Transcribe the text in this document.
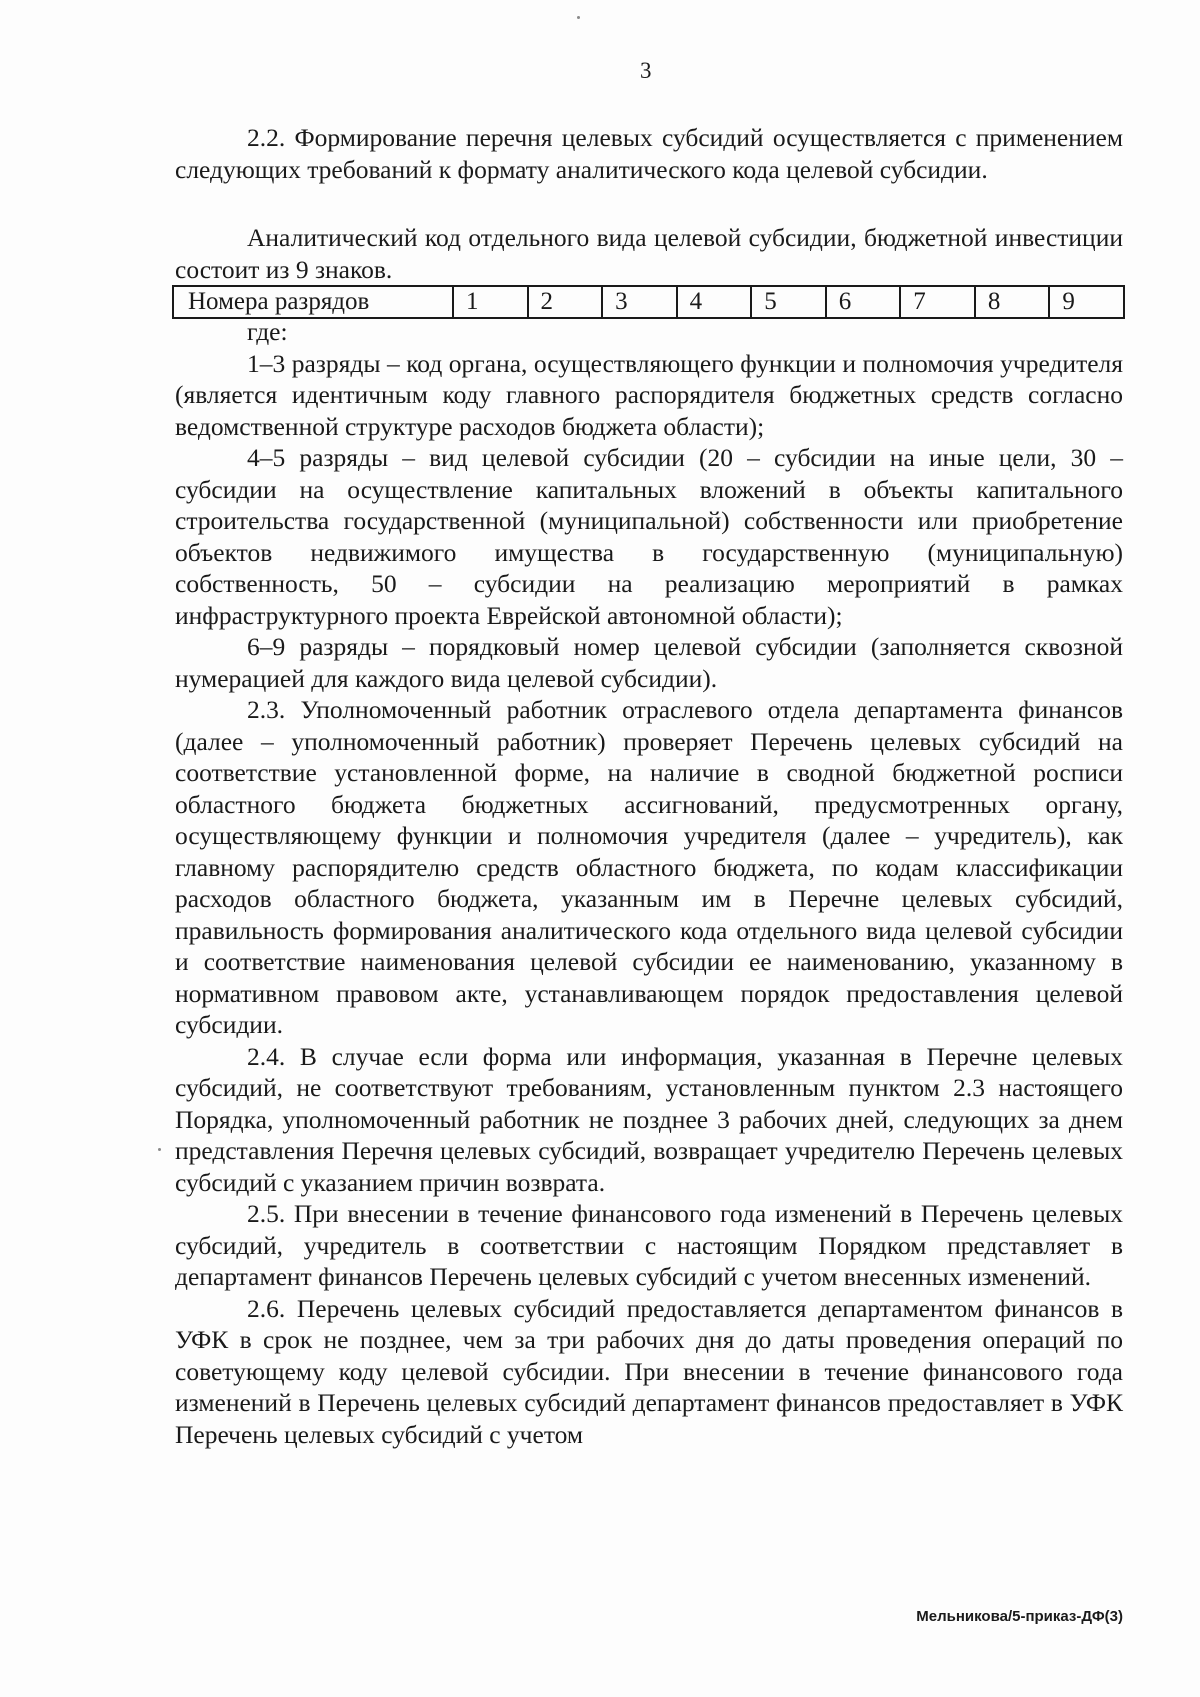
3

2.2. Формирование перечня целевых субсидий осуществляется с применением следующих требований к формату аналитического кода целевой субсидии.

Аналитический код отдельного вида целевой субсидии, бюджетной инвестиции состоит из 9 знаков.

Номера разрядов	1	2	3	4	5	6	7	8	9

где:

1–3 разряды – код органа, осуществляющего функции и полномочия учредителя (является идентичным коду главного распорядителя бюджетных средств согласно ведомственной структуре расходов бюджета области);

4–5 разряды – вид целевой субсидии (20 – субсидии на иные цели, 30 – субсидии на осуществление капитальных вложений в объекты капитального строительства государственной (муниципальной) собственности или приобретение объектов недвижимого имущества в государственную (муниципальную) собственность, 50 – субсидии на реализацию мероприятий в рамках инфраструктурного проекта Еврейской автономной области);

6–9 разряды – порядковый номер целевой субсидии (заполняется сквозной нумерацией для каждого вида целевой субсидии).

2.3. Уполномоченный работник отраслевого отдела департамента финансов (далее – уполномоченный работник) проверяет Перечень целевых субсидий на соответствие установленной форме, на наличие в сводной бюджетной росписи областного бюджета бюджетных ассигнований, предусмотренных органу, осуществляющему функции и полномочия учредителя (далее – учредитель), как главному распорядителю средств областного бюджета, по кодам классификации расходов областного бюджета, указанным им в Перечне целевых субсидий, правильность формирования аналитического кода отдельного вида целевой субсидии и соответствие наименования целевой субсидии ее наименованию, указанному в нормативном правовом акте, устанавливающем порядок предоставления целевой субсидии.

2.4. В случае если форма или информация, указанная в Перечне целевых субсидий, не соответствуют требованиям, установленным пунктом 2.3 настоящего Порядка, уполномоченный работник не позднее 3 рабочих дней, следующих за днем представления Перечня целевых субсидий, возвращает учредителю Перечень целевых субсидий с указанием причин возврата.

2.5. При внесении в течение финансового года изменений в Перечень целевых субсидий, учредитель в соответствии с настоящим Порядком представляет в департамент финансов Перечень целевых субсидий с учетом внесенных изменений.

2.6. Перечень целевых субсидий предоставляется департаментом финансов в УФК в срок не позднее, чем за три рабочих дня до даты проведения операций по советующему коду целевой субсидии. При внесении в течение финансового года изменений в Перечень целевых субсидий департамент финансов предоставляет в УФК Перечень целевых субсидий с учетом

Мельникова/5-приказ-ДФ(3)
